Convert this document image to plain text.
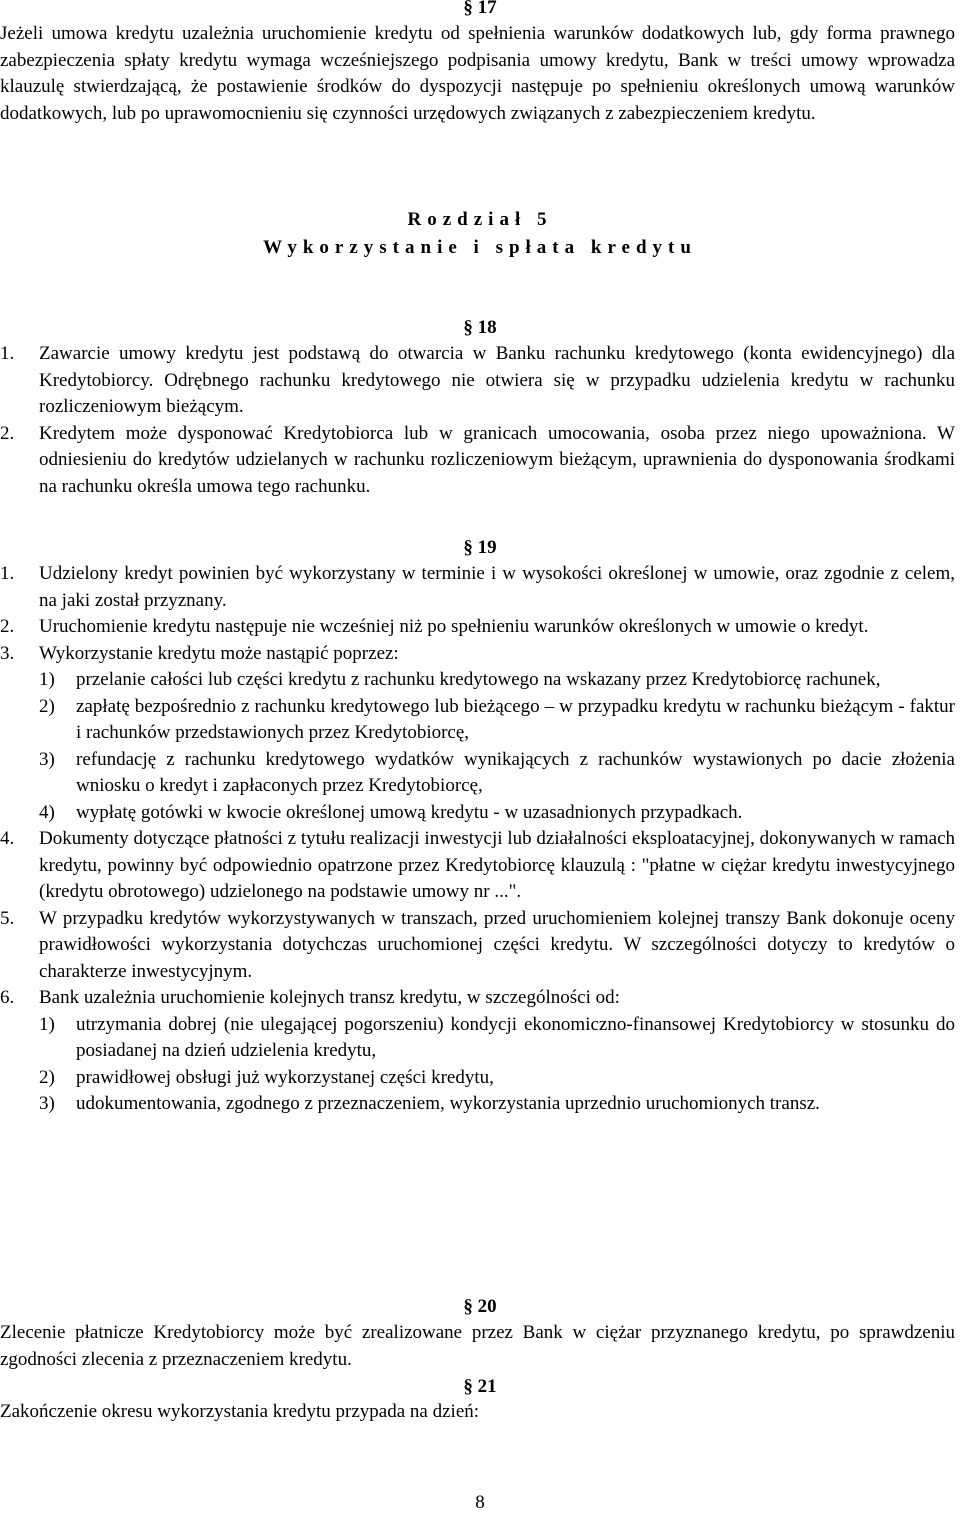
§ 17
Jeżeli umowa kredytu uzależnia uruchomienie kredytu od spełnienia warunków dodatkowych lub, gdy forma prawnego zabezpieczenia spłaty kredytu wymaga wcześniejszego podpisania umowy kredytu, Bank w treści umowy wprowadza klauzulę stwierdzającą, że postawienie środków do dyspozycji następuje po spełnieniu określonych umową warunków dodatkowych, lub po uprawomocnieniu się czynności urzędowych związanych z zabezpieczeniem kredytu.
Rozdział 5
Wykorzystanie i spłata kredytu
§ 18
1. Zawarcie umowy kredytu jest podstawą do otwarcia w Banku rachunku kredytowego (konta ewidencyjnego) dla Kredytobiorcy. Odrębnego rachunku kredytowego nie otwiera się w przypadku udzielenia kredytu w rachunku rozliczeniowym bieżącym.
2. Kredytem może dysponować Kredytobiorca lub w granicach umocowania, osoba przez niego upoważniona. W odniesieniu do kredytów udzielanych w rachunku rozliczeniowym bieżącym, uprawnienia do dysponowania środkami na rachunku określa umowa tego rachunku.
§ 19
1. Udzielony kredyt powinien być wykorzystany w terminie i w wysokości określonej w umowie, oraz zgodnie z celem, na jaki został przyznany.
2. Uruchomienie kredytu następuje nie wcześniej niż po spełnieniu warunków określonych w umowie o kredyt.
3. Wykorzystanie kredytu może nastąpić poprzez:
1) przelanie całości lub części kredytu z rachunku kredytowego na wskazany przez Kredytobiorcę rachunek,
2) zapłatę bezpośrednio z rachunku kredytowego lub bieżącego – w przypadku kredytu w rachunku bieżącym - faktur i rachunków przedstawionych przez Kredytobiorcę,
3) refundację z rachunku kredytowego wydatków wynikających z rachunków wystawionych po dacie złożenia wniosku o kredyt i zapłaconych przez Kredytobiorcę,
4) wypłatę gotówki w kwocie określonej umową kredytu - w uzasadnionych przypadkach.
4. Dokumenty dotyczące płatności z tytułu realizacji inwestycji lub działalności eksploatacyjnej, dokonywanych w ramach kredytu, powinny być odpowiednio opatrzone przez Kredytobiorcę klauzulą : "płatne w ciężar kredytu inwestycyjnego (kredytu obrotowego) udzielonego na podstawie umowy nr ...".
5. W przypadku kredytów wykorzystywanych w transzach, przed uruchomieniem kolejnej transzy Bank dokonuje oceny prawidłowości wykorzystania dotychczas uruchomionej części kredytu. W szczególności dotyczy to kredytów o charakterze inwestycyjnym.
6. Bank uzależnia uruchomienie kolejnych transz kredytu, w szczególności od:
1) utrzymania dobrej (nie ulegającej pogorszeniu) kondycji ekonomiczno-finansowej Kredytobiorcy w stosunku do posiadanej na dzień udzielenia kredytu,
2) prawidłowej obsługi już wykorzystanej części kredytu,
3) udokumentowania, zgodnego z przeznaczeniem, wykorzystania uprzednio uruchomionych transz.
§ 20
Zlecenie płatnicze Kredytobiorcy może być zrealizowane przez Bank w ciężar przyznanego kredytu, po sprawdzeniu zgodności zlecenia z przeznaczeniem kredytu.
§ 21
Zakończenie okresu wykorzystania kredytu przypada na dzień:
8
